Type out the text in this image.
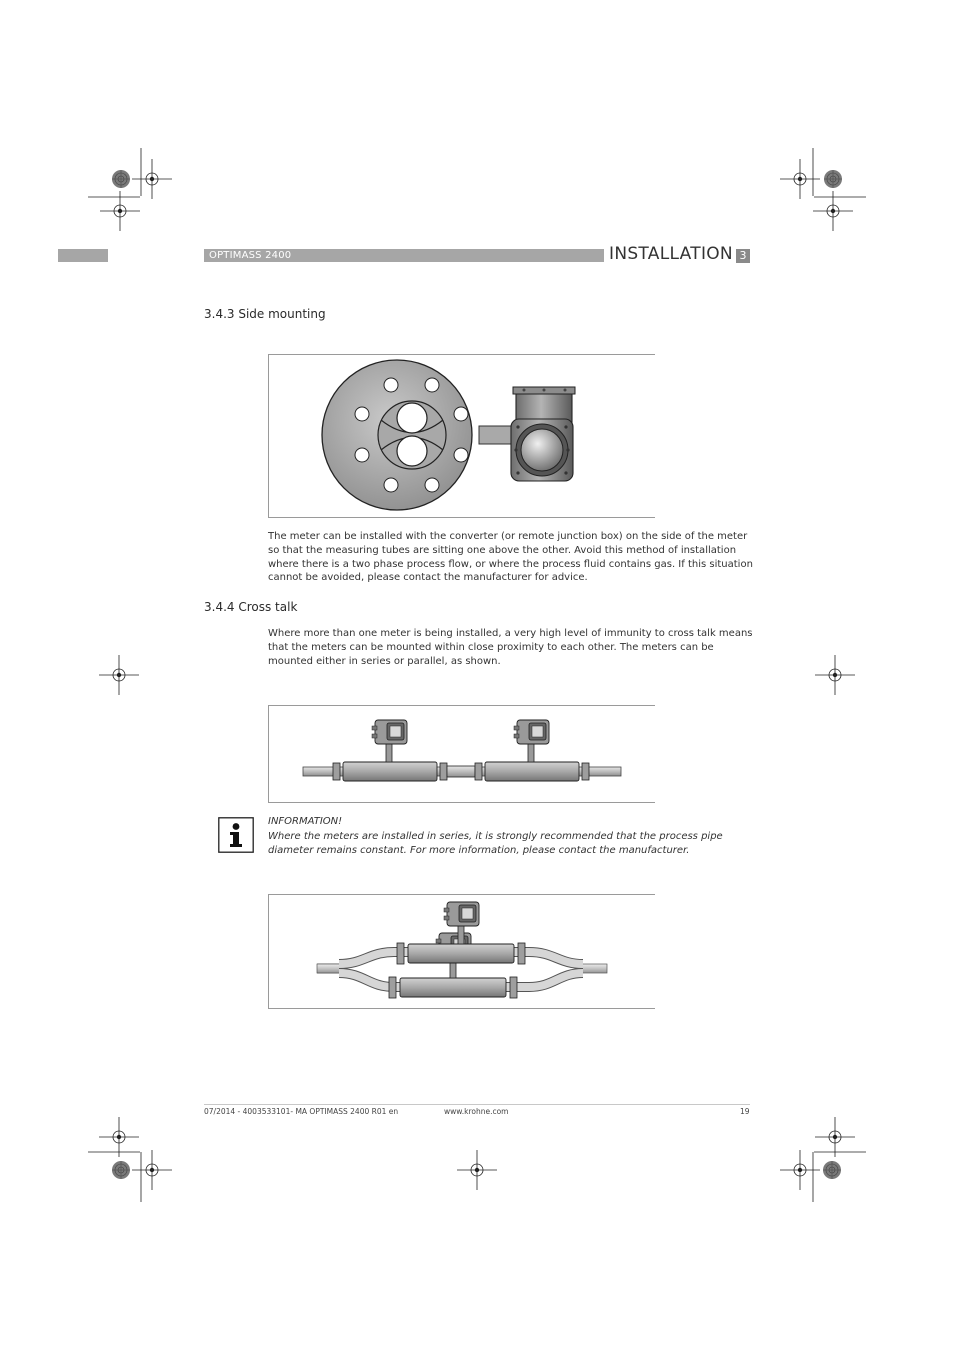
OPTIMASS 2400	INSTALLATION 3
3.4.3 Side mounting
The meter can be installed with the converter (or remote junction box) on the side of the meter
so that the measuring tubes are sitting one above the other. Avoid this method of installation
where there is a two phase process flow, or where the process fluid contains gas. If this situation
cannot be avoided, please contact the manufacturer for advice.
3.4.4 Cross talk
Where more than one meter is being installed, a very high level of immunity to cross talk means
that the meters can be mounted within close proximity to each other. The meters can be
mounted either in series or parallel, as shown.
INFORMATION!
Where the meters are installed in series, it is strongly recommended that the process pipe
diameter remains constant. For more information, please contact the manufacturer.
07/2014 - 4003533101- MA OPTIMASS 2400 R01 en	www.krohne.com	19
